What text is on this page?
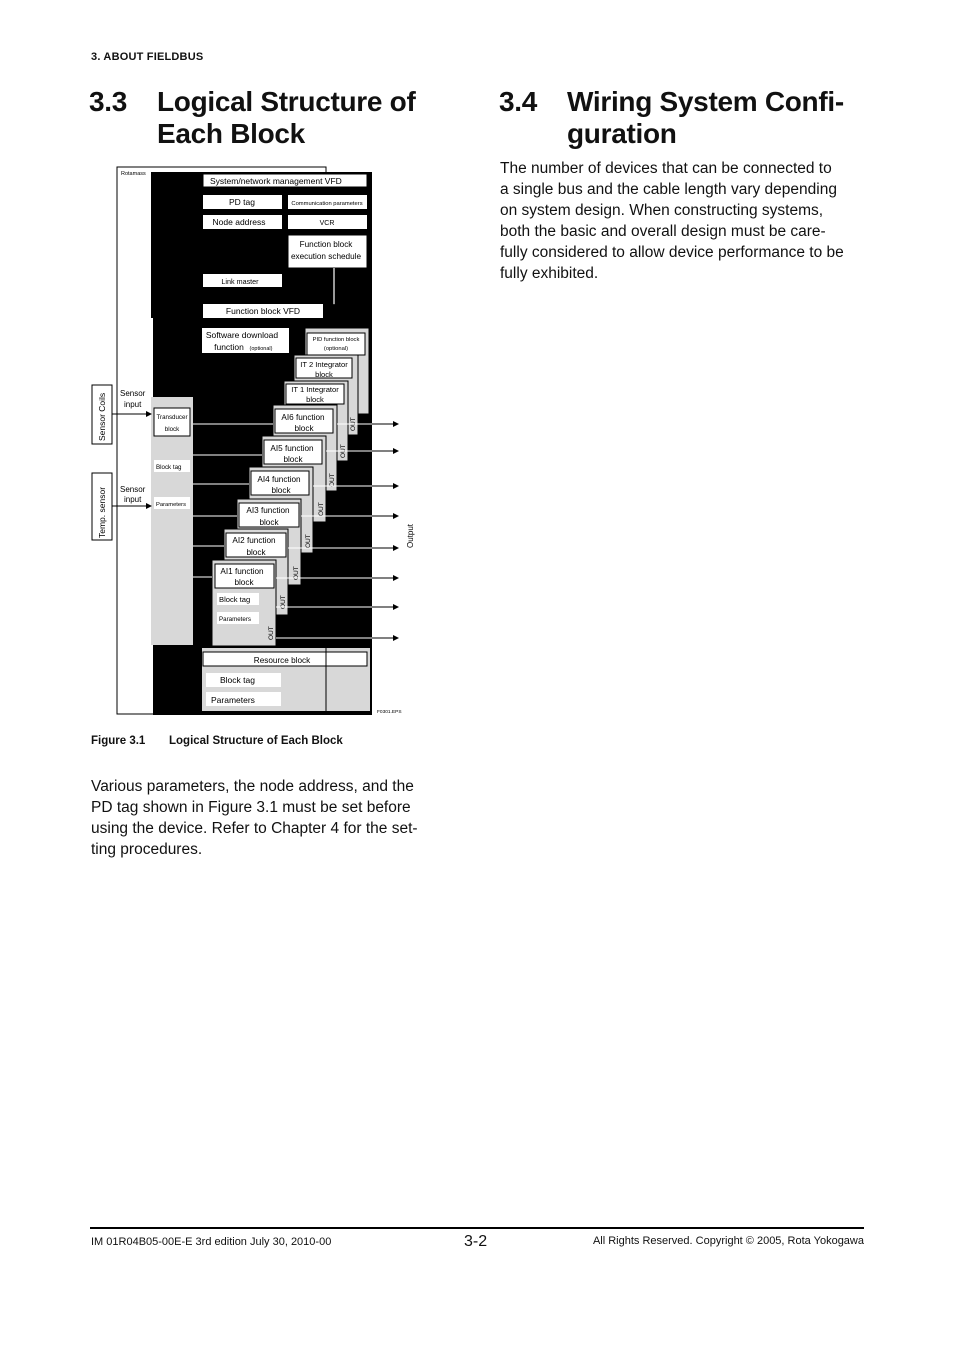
3. ABOUT FIELDBUS
3.3 Logical Structure of
Each Block
3.4 Wiring System Confi-
guration
The number of devices that can be connected to
a single bus and the cable length vary depending
on system design. When constructing systems,
both the basic and overall design must be care-
fully considered to allow device performance to be
fully exhibited.
Rotamass
System/network management VFD
PD tag	Communication parameters
Node address	VCR
Function block
execution schedule
Link master
Function block VFD
Software download
function (optional)
Transducer
block
Block tag
Parameters
PID function block
(optional)
IT 2 Integrator
block
IT 1 Integrator
block
AI6 function
block
AI5 function
block
AI4 function
block
AI3 function
block
AI2 function
block
AI1 function
block
Block tag
Parameters
OUT
OUT
OUT
OUT
OUT
OUT
OUT
OUT
Output
Sensor Coils
Temp. sensor
Sensor
input
Sensor
input
Resource block
Block tag
Parameters
F0301.EPS
Figure 3.1 Logical Structure of Each Block
Various parameters, the node address, and the
PD tag shown in Figure 3.1 must be set before
using the device. Refer to Chapter 4 for the set-
ting procedures.
IM 01R04B05-00E-E 3rd edition July 30, 2010-00	3-2	All Rights Reserved. Copyright © 2005, Rota Yokogawa
